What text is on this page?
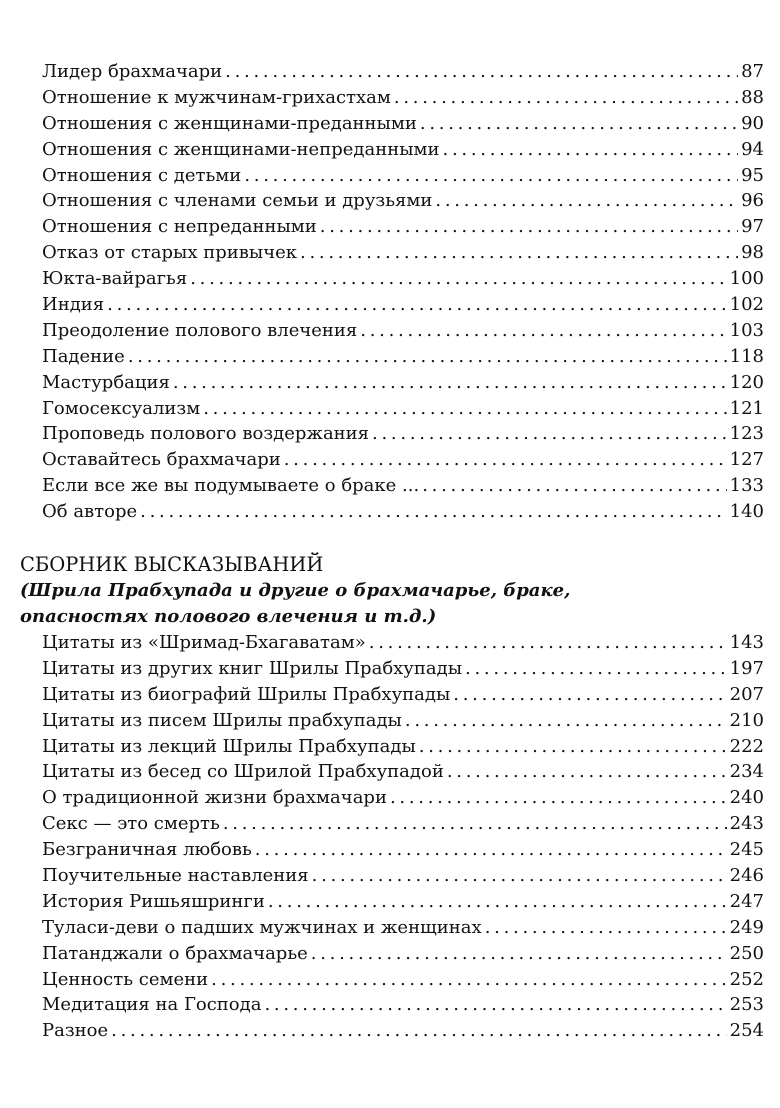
Лидер брахмачари . . .	87
Отношение к мужчинам-грихастхам . . .	88
Отношения с женщинами-преданными . . .	90
Отношения с женщинами-непреданными . . .	94
Отношения с детьми . . .	95
Отношения с членами семьи и друзьями . . .	96
Отношения с непреданными . . .	97
Отказ от старых привычек . . .	98
Юкта-вайрагья . . .	100
Индия . . .	102
Преодоление полового влечения . . .	103
Падение . . .	118
Мастурбация . . .	120
Гомосексуализм . . .	121
Проповедь полового воздержания . . .	123
Оставайтесь брахмачари . . .	127
Если все же вы подумываете о браке ... . . .	133
Об авторе . . .	140
СБОРНИК ВЫСКАЗЫВАНИЙ
(Шрила Прабхупада и другие о брахмачарье, браке,
опасностях полового влечения и т.д.)
Цитаты из «Шримад-Бхагаватам» . . .	143
Цитаты из других книг Шрилы Прабхупады . . .	197
Цитаты из биографий Шрилы Прабхупады . . .	207
Цитаты из писем Шрилы прабхупады . . .	210
Цитаты из лекций Шрилы Прабхупады . . .	222
Цитаты из бесед со Шрилой Прабхупадой . . .	234
О традиционной жизни брахмачари . . .	240
Секс — это смерть . . .	243
Безграничная любовь . . .	245
Поучительные наставления . . .	246
История Ришьяшринги . . .	247
Туласи-деви о падших мужчинах и женщинах . . .	249
Патанджали о брахмачарье . . .	250
Ценность семени . . .	252
Медитация на Господа . . .	253
Разное . . .	254
